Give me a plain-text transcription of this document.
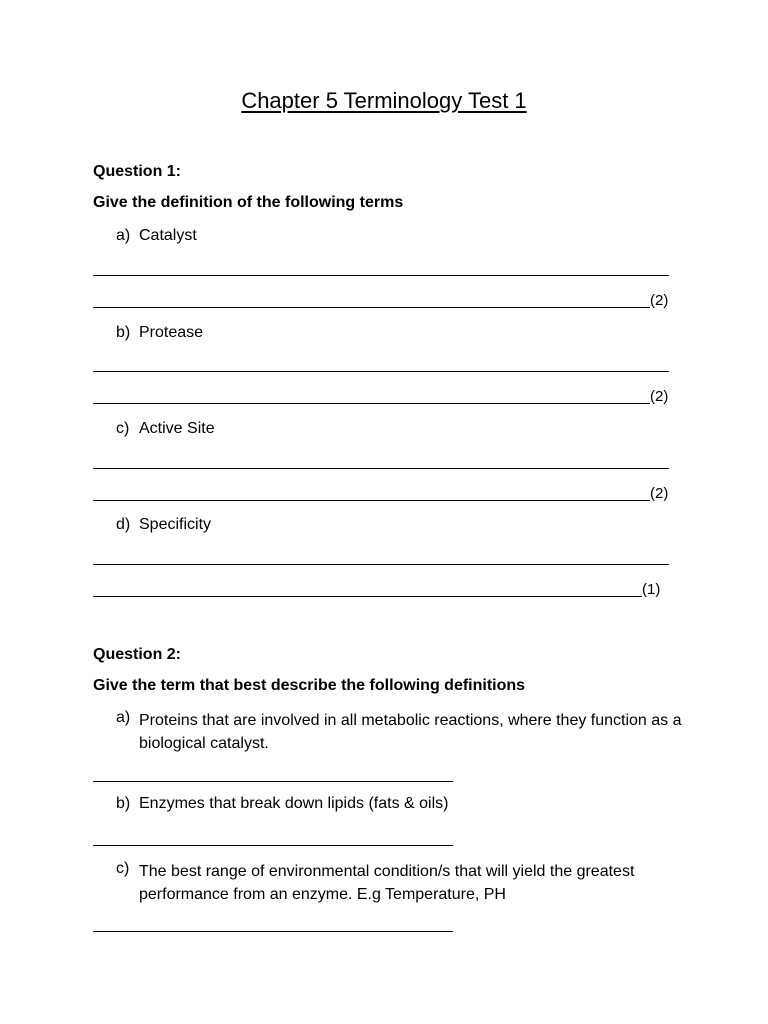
Chapter 5 Terminology Test 1
Question 1:
Give the definition of the following terms
a) Catalyst
(2)
b) Protease
(2)
c) Active Site
(2)
d) Specificity
(1)
Question 2:
Give the term that best describe the following definitions
a) Proteins that are involved in all metabolic reactions, where they function as a biological catalyst.
b) Enzymes that break down lipids (fats & oils)
c) The best range of environmental condition/s that will yield the greatest performance from an enzyme. E.g Temperature, PH
